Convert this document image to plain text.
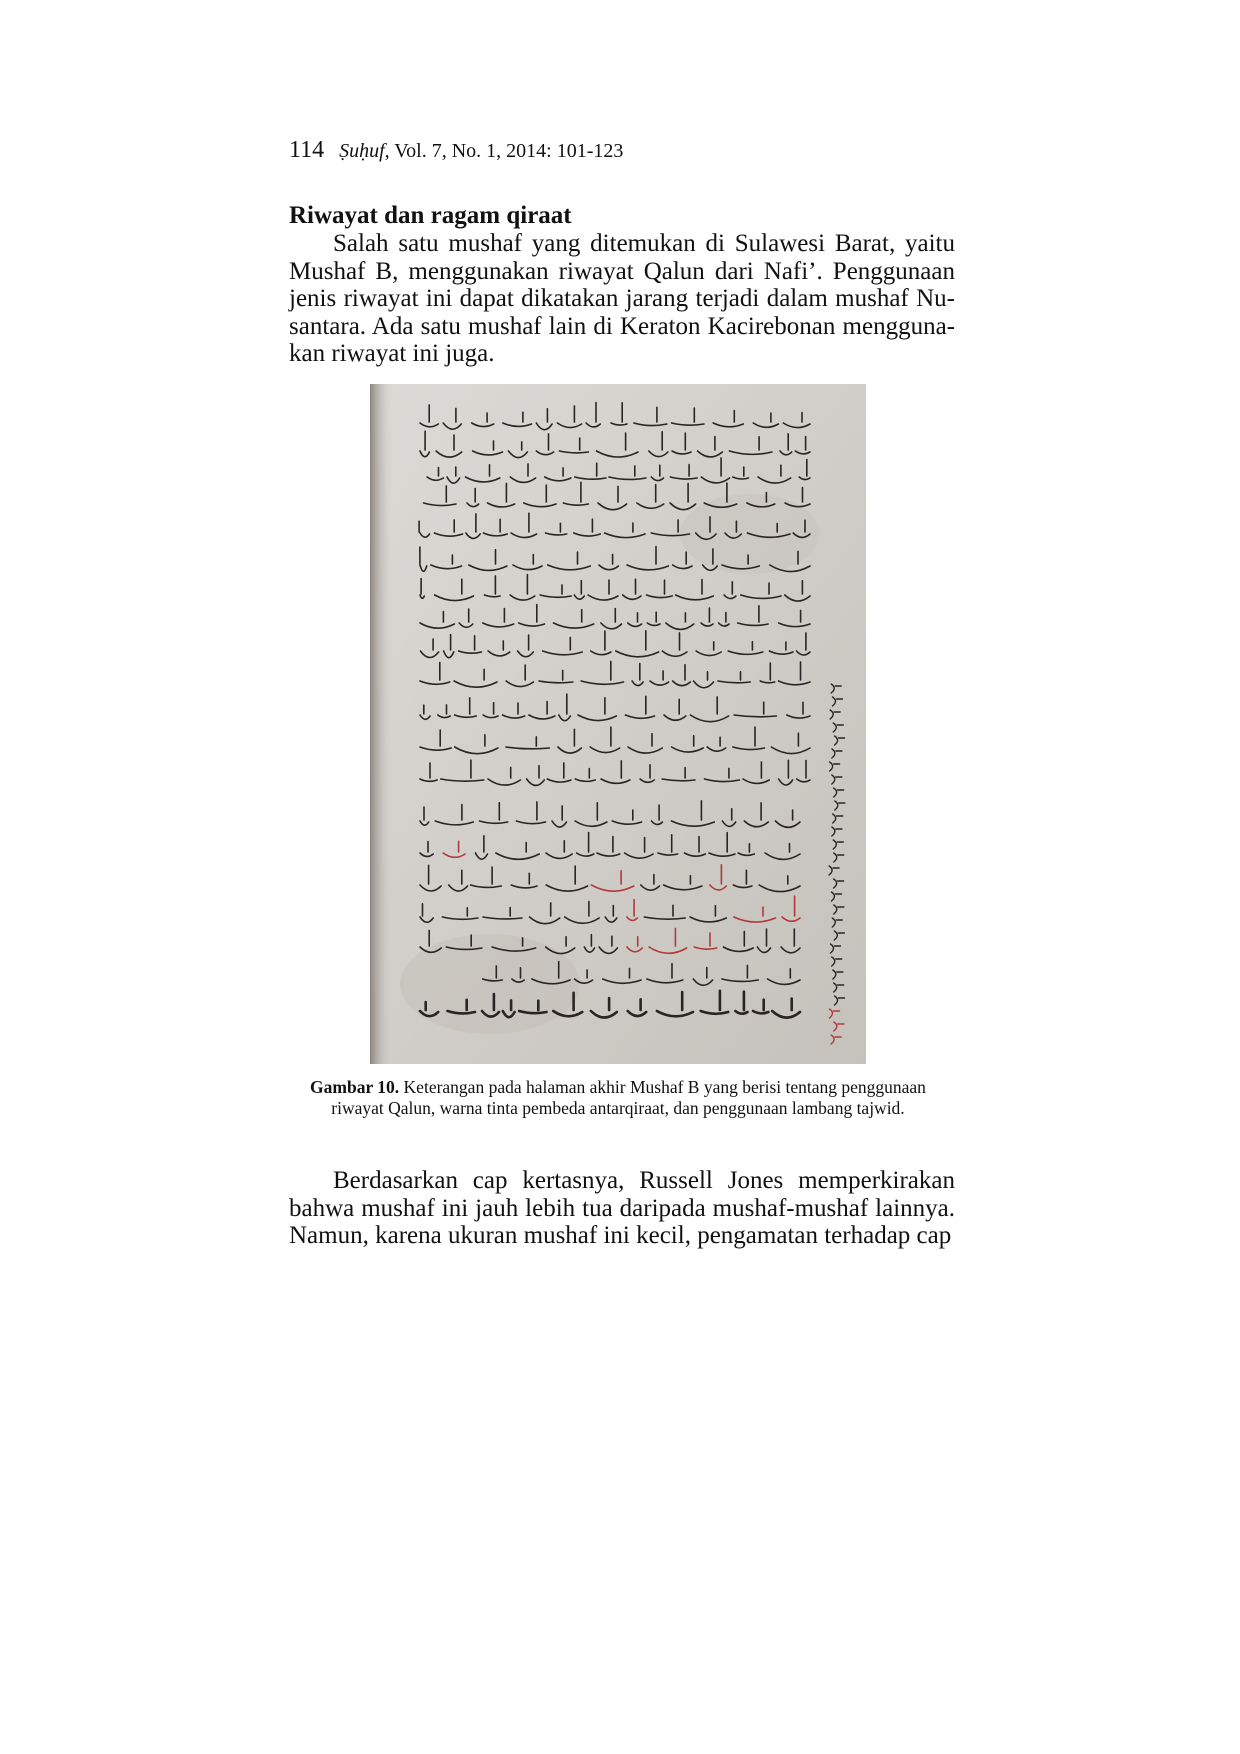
114 Ṣuḥuf, Vol. 7, No. 1, 2014: 101-123
Riwayat dan ragam qiraat

Salah satu mushaf yang ditemukan di Sulawesi Barat, yaitu Mushaf B, menggunakan riwayat Qalun dari Nafi’. Penggunaan jenis riwayat ini dapat dikatakan jarang terjadi dalam mushaf Nusantara. Ada satu mushaf lain di Keraton Kacirebonan menggunakan riwayat ini juga.

Gambar 10. Keterangan pada halaman akhir Mushaf B yang berisi tentang penggunaan riwayat Qalun, warna tinta pembeda antarqiraat, dan penggunaan lambang tajwid.

Berdasarkan cap kertasnya, Russell Jones memperkirakan bahwa mushaf ini jauh lebih tua daripada mushaf-mushaf lainnya. Namun, karena ukuran mushaf ini kecil, pengamatan terhadap cap
